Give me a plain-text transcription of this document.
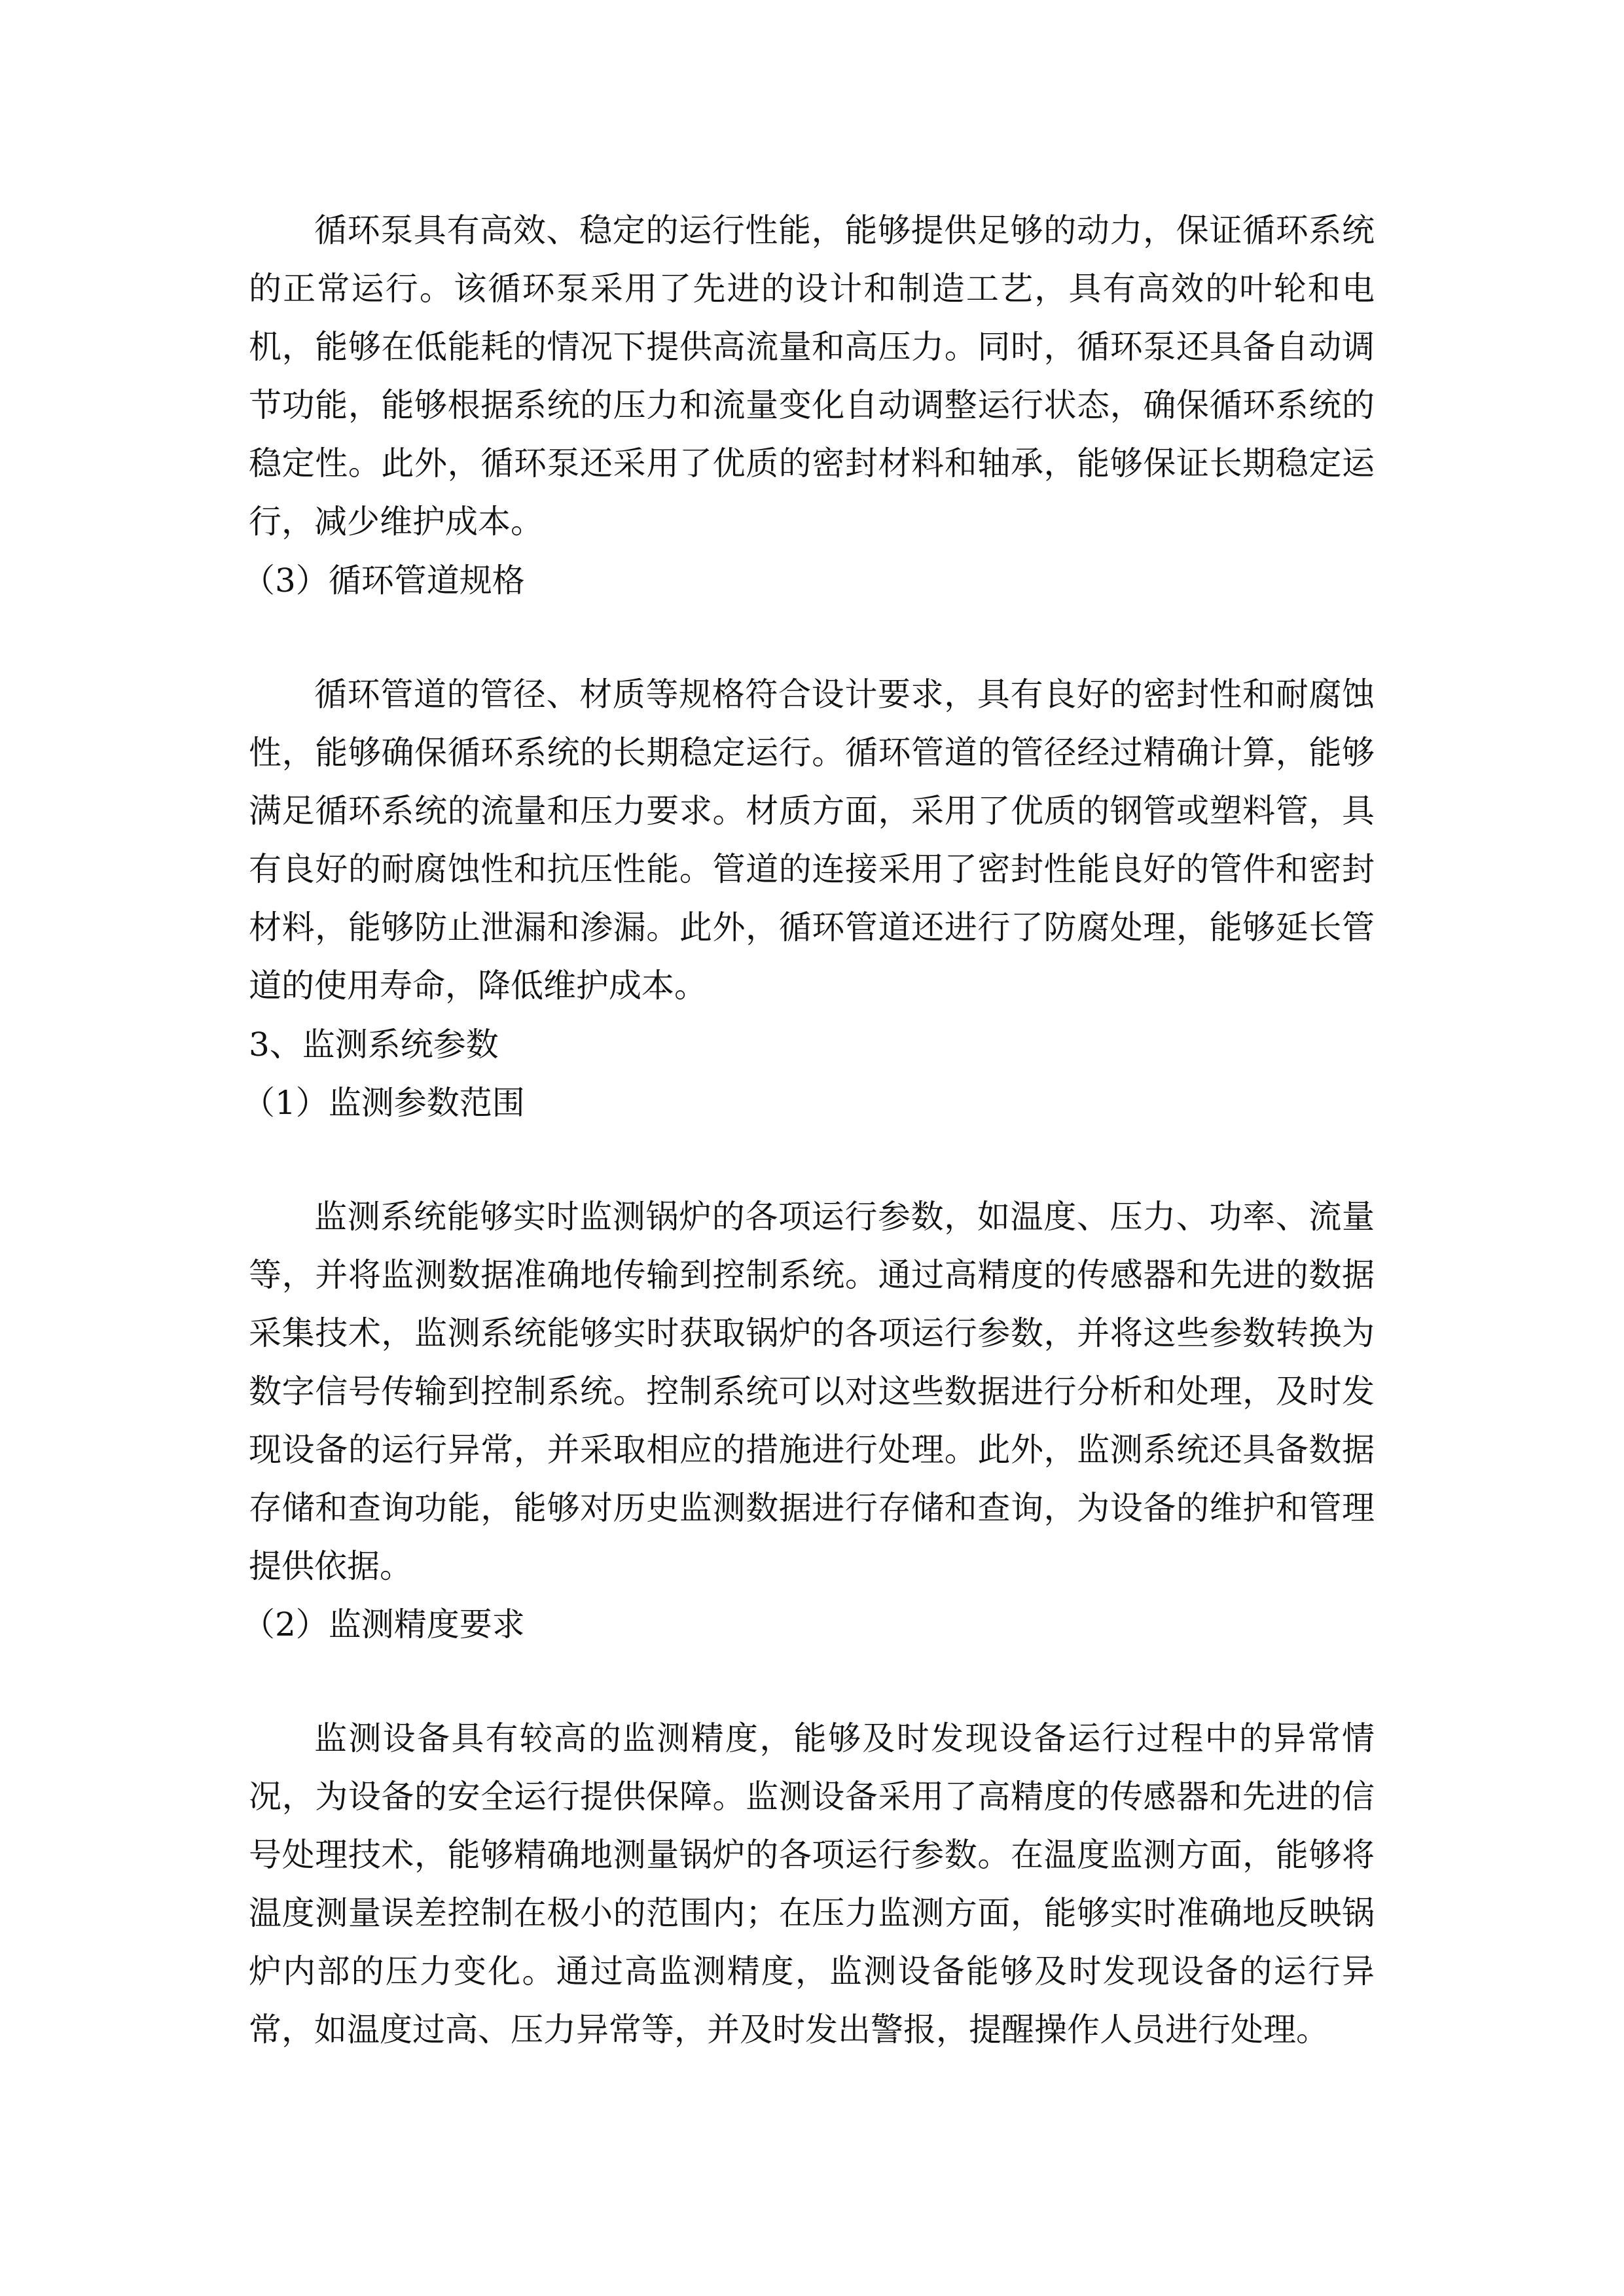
循环泵具有高效、稳定的运行性能，能够提供足够的动力，保证循环系统
的正常运行。该循环泵采用了先进的设计和制造工艺，具有高效的叶轮和电
机，能够在低能耗的情况下提供高流量和高压力。同时，循环泵还具备自动调
节功能，能够根据系统的压力和流量变化自动调整运行状态，确保循环系统的
稳定性。此外，循环泵还采用了优质的密封材料和轴承，能够保证长期稳定运
行，减少维护成本。
（3）循环管道规格
循环管道的管径、材质等规格符合设计要求，具有良好的密封性和耐腐蚀
性，能够确保循环系统的长期稳定运行。循环管道的管径经过精确计算，能够
满足循环系统的流量和压力要求。材质方面，采用了优质的钢管或塑料管，具
有良好的耐腐蚀性和抗压性能。管道的连接采用了密封性能良好的管件和密封
材料，能够防止泄漏和渗漏。此外，循环管道还进行了防腐处理，能够延长管
道的使用寿命，降低维护成本。
3、监测系统参数
（1）监测参数范围
监测系统能够实时监测锅炉的各项运行参数，如温度、压力、功率、流量
等，并将监测数据准确地传输到控制系统。通过高精度的传感器和先进的数据
采集技术，监测系统能够实时获取锅炉的各项运行参数，并将这些参数转换为
数字信号传输到控制系统。控制系统可以对这些数据进行分析和处理，及时发
现设备的运行异常，并采取相应的措施进行处理。此外，监测系统还具备数据
存储和查询功能，能够对历史监测数据进行存储和查询，为设备的维护和管理
提供依据。
（2）监测精度要求
监测设备具有较高的监测精度，能够及时发现设备运行过程中的异常情
况，为设备的安全运行提供保障。监测设备采用了高精度的传感器和先进的信
号处理技术，能够精确地测量锅炉的各项运行参数。在温度监测方面，能够将
温度测量误差控制在极小的范围内；在压力监测方面，能够实时准确地反映锅
炉内部的压力变化。通过高监测精度，监测设备能够及时发现设备的运行异
常，如温度过高、压力异常等，并及时发出警报，提醒操作人员进行处理。
